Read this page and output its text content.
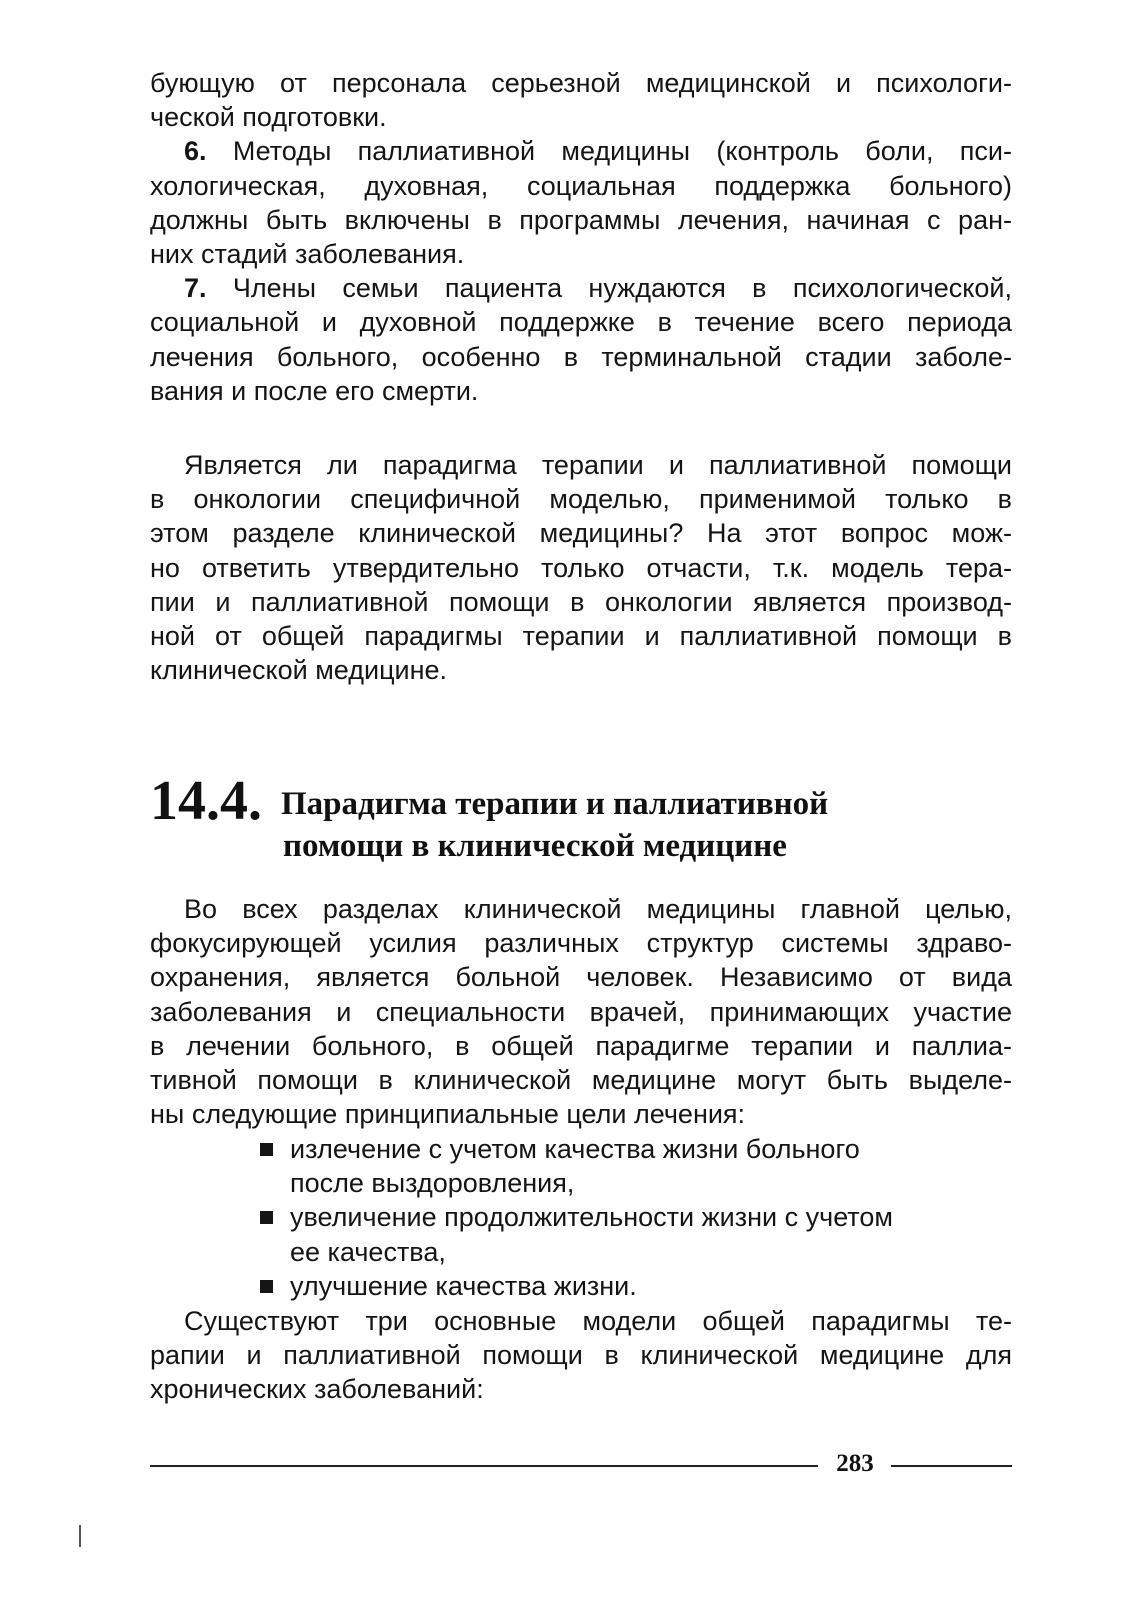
бующую от персонала серьезной медицинской и психологи-
ческой подготовки.
6. Методы паллиативной медицины (контроль боли, пси-
хологическая, духовная, социальная поддержка больного)
должны быть включены в программы лечения, начиная с ран-
них стадий заболевания.
7. Члены семьи пациента нуждаются в психологической,
социальной и духовной поддержке в течение всего периода
лечения больного, особенно в терминальной стадии заболе-
вания и после его смерти.
Является ли парадигма терапии и паллиативной помощи
в онкологии специфичной моделью, применимой только в
этом разделе клинической медицины? На этот вопрос мож-
но ответить утвердительно только отчасти, т.к. модель тера-
пии и паллиативной помощи в онкологии является производ-
ной от общей парадигмы терапии и паллиативной помощи в
клинической медицине.
14.4. Парадигма терапии и паллиативной
помощи в клинической медицине
Во всех разделах клинической медицины главной целью,
фокусирующей усилия различных структур системы здраво-
охранения, является больной человек. Независимо от вида
заболевания и специальности врачей, принимающих участие
в лечении больного, в общей парадигме терапии и паллиа-
тивной помощи в клинической медицине могут быть выделе-
ны следующие принципиальные цели лечения:
излечение с учетом качества жизни больного
после выздоровления,
увеличение продолжительности жизни с учетом
ее качества,
улучшение качества жизни.
Существуют три основные модели общей парадигмы те-
рапии и паллиативной помощи в клинической медицине для
хронических заболеваний:
283
